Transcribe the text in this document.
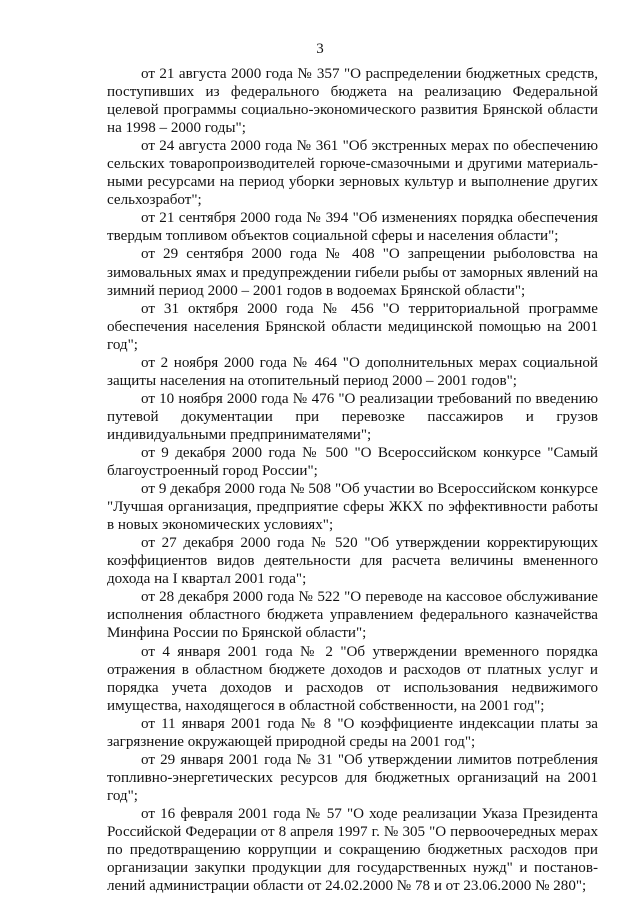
3

от 21 августа 2000 года № 357 "О распределении бюджетных средств, поступивших из федерального бюджета на реализацию Федеральной целевой программы социально-экономического развития Брянской области на 1998 – 2000 годы";

от 24 августа 2000 года № 361 "Об экстренных мерах по обеспечению сельских товаропроизводителей горюче-смазочными и другими материальными ресурсами на период уборки зерновых культур и выполнение других сельхозработ";

от 21 сентября 2000 года № 394 "Об изменениях порядка обеспечения твердым топливом объектов социальной сферы и населения области";

от 29 сентября 2000 года № 408 "О запрещении рыболовства на зимовальных ямах и предупреждении гибели рыбы от заморных явлений на зимний период 2000 – 2001 годов в водоемах Брянской области";

от 31 октября 2000 года № 456 "О территориальной программе обеспечения населения Брянской области медицинской помощью на 2001 год";

от 2 ноября 2000 года № 464 "О дополнительных мерах социальной защиты населения на отопительный период 2000 – 2001 годов";

от 10 ноября 2000 года № 476 "О реализации требований по введению путевой документации при перевозке пассажиров и грузов индивидуальными предпринимателями";

от 9 декабря 2000 года № 500 "О Всероссийском конкурсе "Самый благоустроенный город России";

от 9 декабря 2000 года № 508 "Об участии во Всероссийском конкурсе "Лучшая организация, предприятие сферы ЖКХ по эффективности работы в новых экономических условиях";

от 27 декабря 2000 года № 520 "Об утверждении корректирующих коэффициентов видов деятельности для расчета величины вмененного дохода на I квартал 2001 года";

от 28 декабря 2000 года № 522 "О переводе на кассовое обслуживание исполнения областного бюджета управлением федерального казначейства Минфина России по Брянской области";

от 4 января 2001 года № 2 "Об утверждении временного порядка отражения в областном бюджете доходов и расходов от платных услуг и порядка учета доходов и расходов от использования недвижимого имущества, находящегося в областной собственности, на 2001 год";

от 11 января 2001 года № 8 "О коэффициенте индексации платы за загрязнение окружающей природной среды на 2001 год";

от 29 января 2001 года № 31 "Об утверждении лимитов потребления топливно-энергетических ресурсов для бюджетных организаций на 2001 год";

от 16 февраля 2001 года № 57 "О ходе реализации Указа Президента Российской Федерации от 8 апреля 1997 г. № 305 "О первоочередных мерах по предотвращению коррупции и сокращению бюджетных расходов при организации закупки продукции для государственных нужд" и постановлений администрации области от 24.02.2000 № 78 и от 23.06.2000 № 280";
